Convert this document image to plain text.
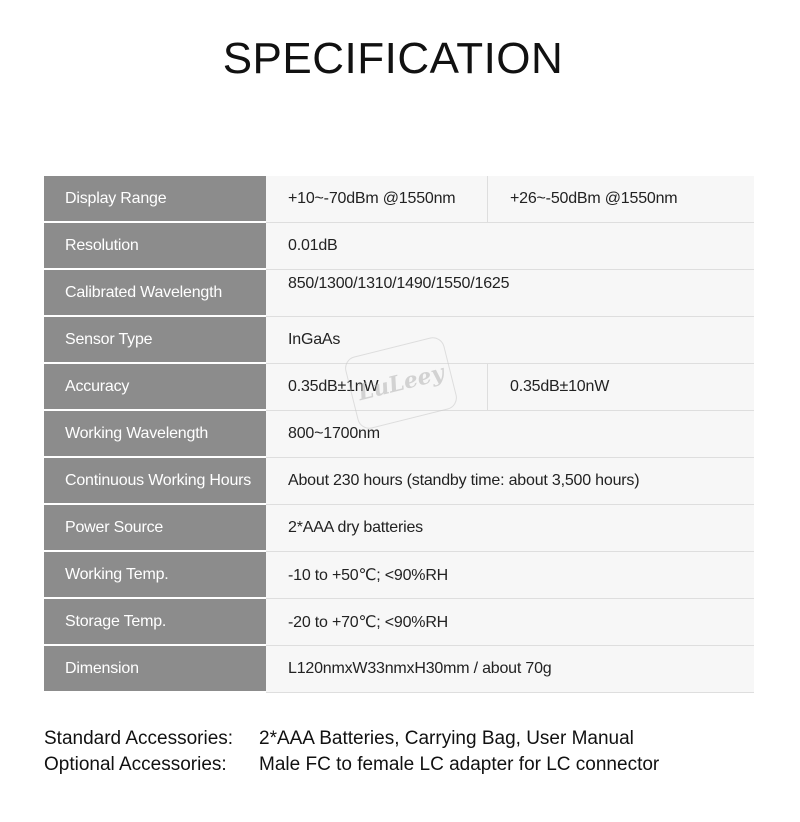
SPECIFICATION
Display Range	+10~-70dBm @1550nm	+26~-50dBm @1550nm
Resolution	0.01dB
Calibrated Wavelength	850/1300/1310/1490/1550/1625
Sensor Type	InGaAs
Accuracy	0.35dB±1nW	0.35dB±10nW
Working Wavelength	800~1700nm
Continuous Working Hours	About 230 hours (standby time: about 3,500 hours)
Power Source	2*AAA dry batteries
Working Temp.	-10 to +50℃; <90%RH
Storage Temp.	-20 to +70℃; <90%RH
Dimension	L120nmxW33nmxH30mm / about 70g
LuLeey
Standard Accessories:	2*AAA Batteries, Carrying Bag, User Manual
Optional Accessories:	Male FC to female LC adapter for LC connector
